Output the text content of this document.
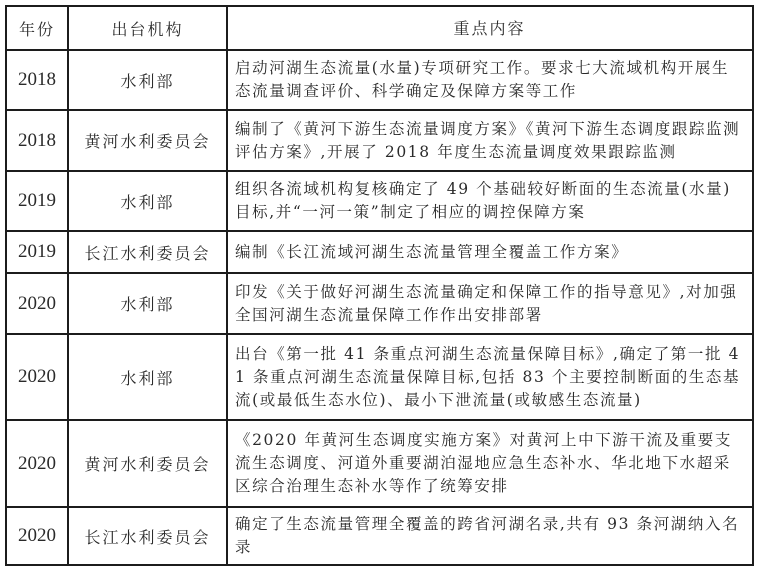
年份	出台机构	重点内容
2018	水利部	启动河湖生态流量(水量)专项研究工作。要求七大流域机构开展生态流量调查评价、科学确定及保障方案等工作
2018	黄河水利委员会	编制了《黄河下游生态流量调度方案》《黄河下游生态调度跟踪监测评估方案》,开展了 2018 年度生态流量调度效果跟踪监测
2019	水利部	组织各流域机构复核确定了 49 个基础较好断面的生态流量(水量)目标,并“一河一策”制定了相应的调控保障方案
2019	长江水利委员会	编制《长江流域河湖生态流量管理全覆盖工作方案》
2020	水利部	印发《关于做好河湖生态流量确定和保障工作的指导意见》,对加强全国河湖生态流量保障工作作出安排部署
2020	水利部	出台《第一批 41 条重点河湖生态流量保障目标》,确定了第一批 41 条重点河湖生态流量保障目标,包括 83 个主要控制断面的生态基流(或最低生态水位)、最小下泄流量(或敏感生态流量)
2020	黄河水利委员会	《2020 年黄河生态调度实施方案》对黄河上中下游干流及重要支流生态调度、河道外重要湖泊湿地应急生态补水、华北地下水超采区综合治理生态补水等作了统筹安排
2020	长江水利委员会	确定了生态流量管理全覆盖的跨省河湖名录,共有 93 条河湖纳入名录
